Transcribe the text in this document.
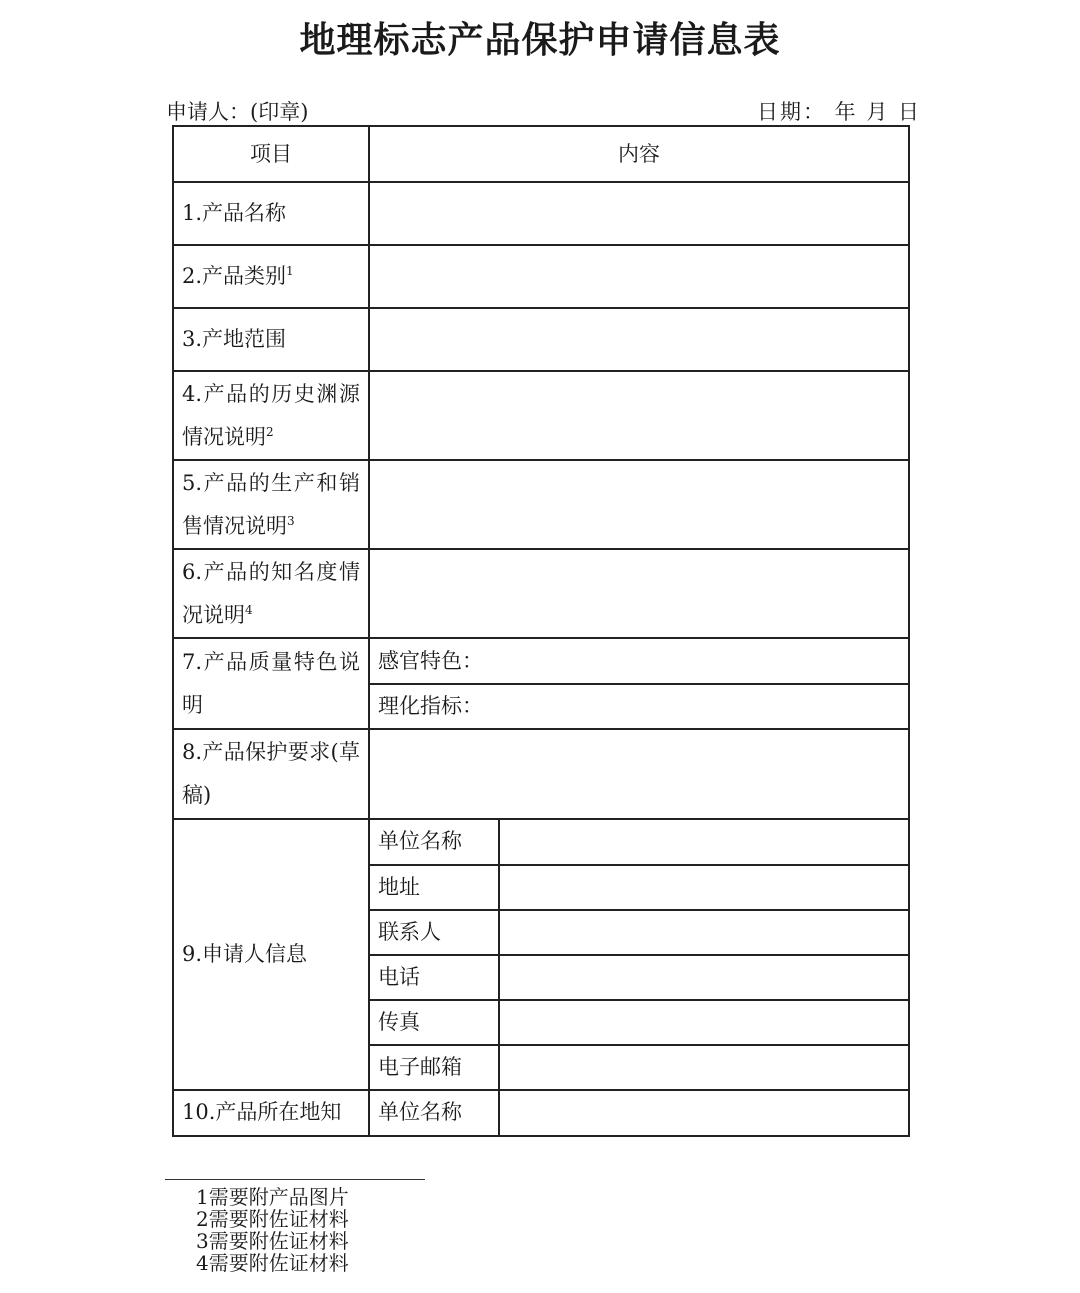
地理标志产品保护申请信息表
申请人：(印章)	日期： 年 月 日
项目	内容	
1.产品名称		
2.产品类别$^1$	
3.产地范围		
4.产品的历史渊源情况说明$^2$	
5.产品的生产和销售情况说明$^3$	
6.产品的知名度情况说明$^4$	
7.产品质量特色说明	感官特色：	
	理化指标：	
8.产品保护要求(草稿)		
9.申请人信息	单位名称	
	地址	
	联系人	
	电话	
	传真	
	电子邮箱	
10.产品所在地知	单位名称	
1需要附产品图片
2需要附佐证材料
3需要附佐证材料
4需要附佐证材料
